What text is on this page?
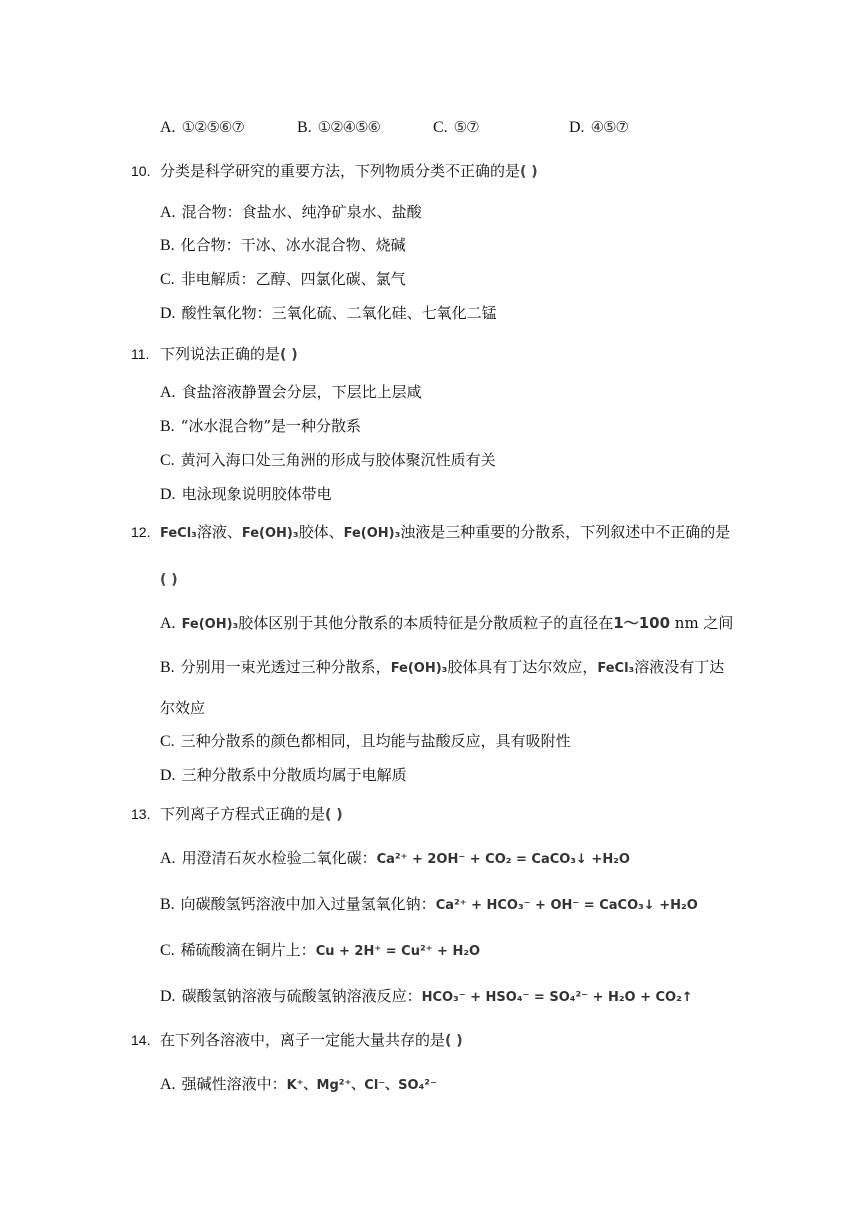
A. ①②⑤⑥⑦	B. ①②④⑤⑥	C. ⑤⑦	D. ④⑤⑦
10. 分类是科学研究的重要方法，下列物质分类不正确的是( )
A. 混合物：食盐水、纯净矿泉水、盐酸
B. 化合物：干冰、冰水混合物、烧碱
C. 非电解质：乙醇、四氯化碳、氯气
D. 酸性氧化物：三氧化硫、二氧化硅、七氧化二锰
11. 下列说法正确的是( )
A. 食盐溶液静置会分层，下层比上层咸
B. “冰水混合物”是一种分散系
C. 黄河入海口处三角洲的形成与胶体聚沉性质有关
D. 电泳现象说明胶体带电
12. FeCl₃溶液、Fe(OH)₃胶体、Fe(OH)₃浊液是三种重要的分散系，下列叙述中不正确的是
( )
A. Fe(OH)₃胶体区别于其他分散系的本质特征是分散质粒子的直径在1～100 nm 之间
B. 分别用一束光透过三种分散系，Fe(OH)₃胶体具有丁达尔效应，FeCl₃溶液没有丁达
尔效应
C. 三种分散系的颜色都相同，且均能与盐酸反应，具有吸附性
D. 三种分散系中分散质均属于电解质
13. 下列离子方程式正确的是( )
A. 用澄清石灰水检验二氧化碳：Ca²⁺ + 2OH⁻ + CO₂ = CaCO₃↓ +H₂O
B. 向碳酸氢钙溶液中加入过量氢氧化钠：Ca²⁺ + HCO₃⁻ + OH⁻ = CaCO₃↓ +H₂O
C. 稀硫酸滴在铜片上：Cu + 2H⁺ = Cu²⁺ + H₂O
D. 碳酸氢钠溶液与硫酸氢钠溶液反应：HCO₃⁻ + HSO₄⁻ = SO₄²⁻ + H₂O + CO₂↑
14. 在下列各溶液中，离子一定能大量共存的是( )
A. 强碱性溶液中：K⁺、Mg²⁺、Cl⁻、SO₄²⁻
